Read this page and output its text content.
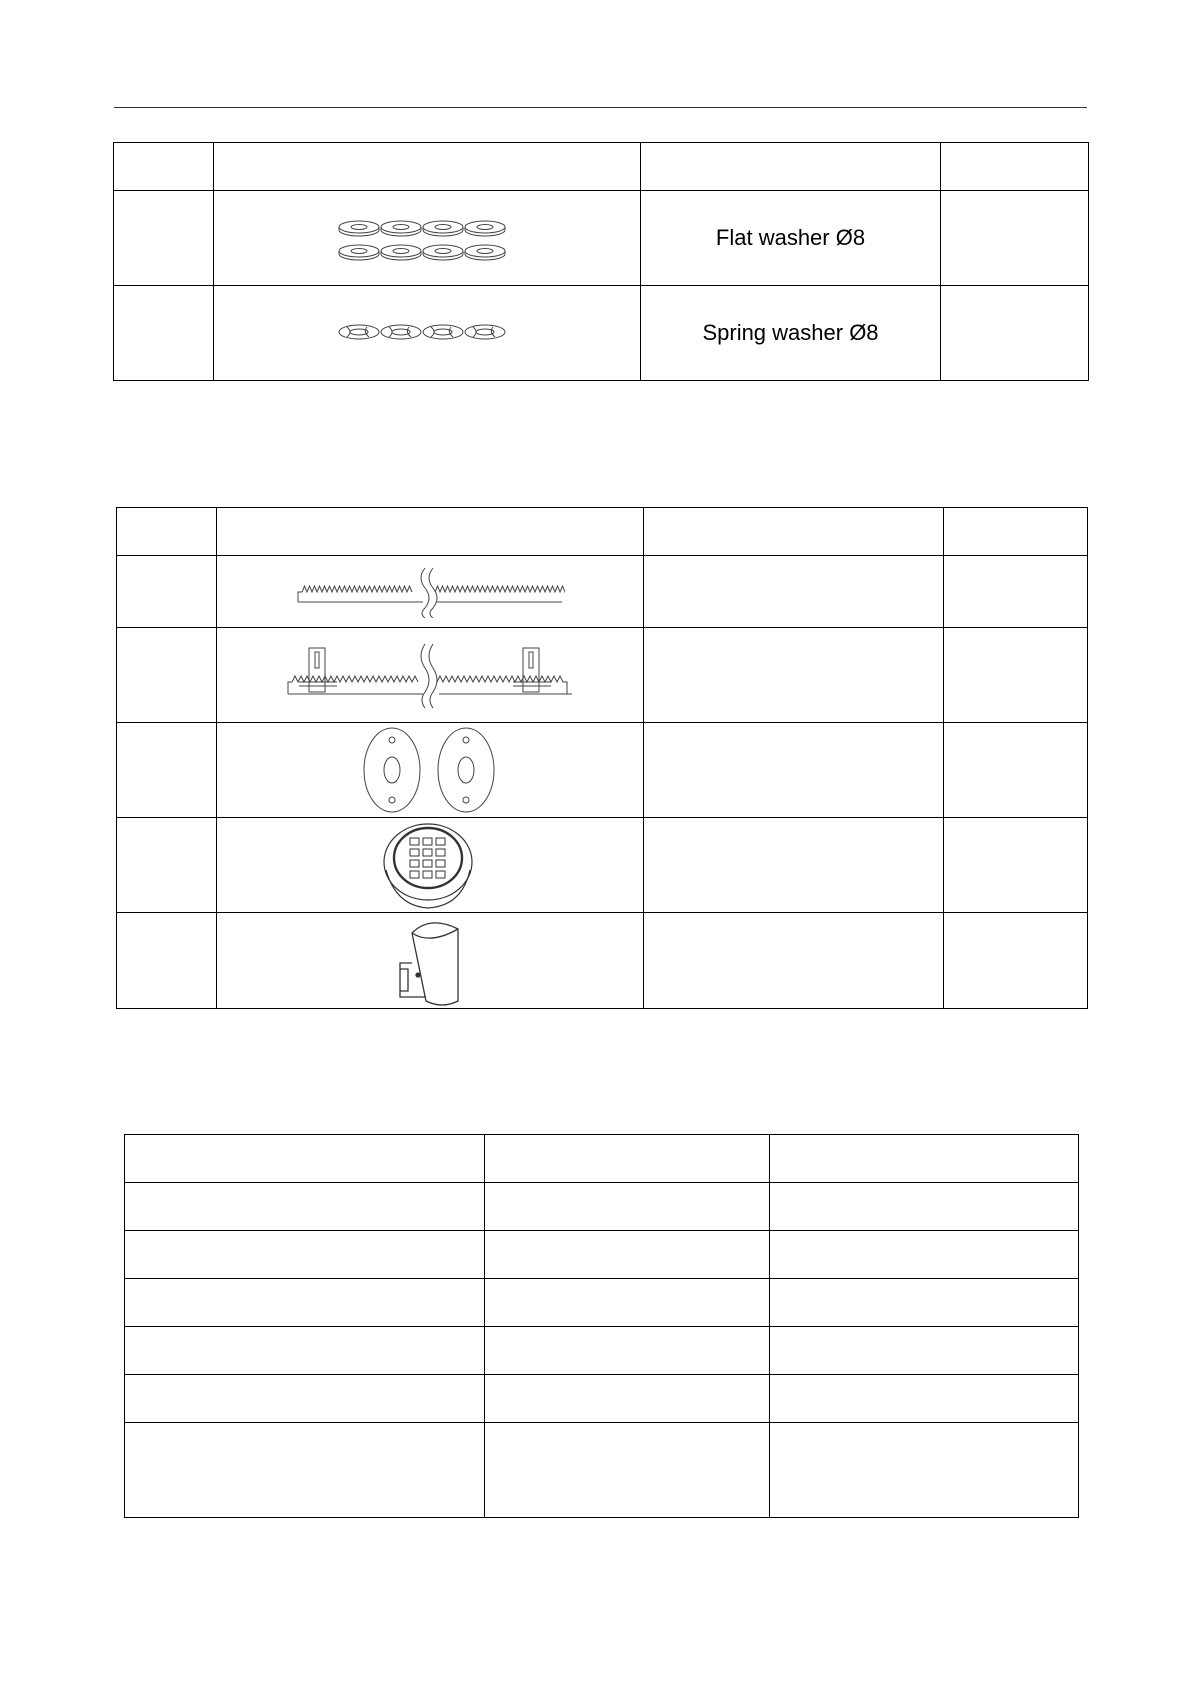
	Flat washer Ø8	

	Spring washer Ø8	
